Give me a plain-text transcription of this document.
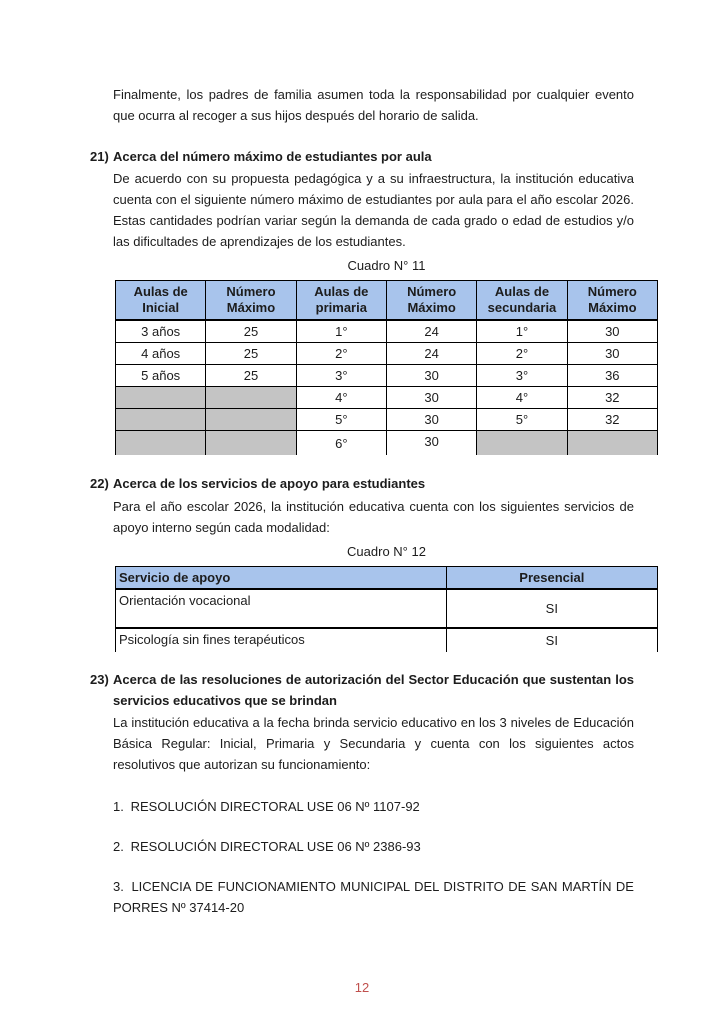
Finalmente, los padres de familia asumen toda la responsabilidad por cualquier evento que ocurra al recoger a sus hijos después del horario de salida.

21) Acerca del número máximo de estudiantes por aula

De acuerdo con su propuesta pedagógica y a su infraestructura, la institución educativa cuenta con el siguiente número máximo de estudiantes por aula para el año escolar 2026. Estas cantidades podrían variar según la demanda de cada grado o edad de estudios y/o las dificultades de aprendizajes de los estudiantes.

Cuadro N° 11
Aulas de Inicial	Número Máximo	Aulas de primaria	Número Máximo	Aulas de secundaria	Número Máximo
3 años	25	1°	24	1°	30
4 años	25	2°	24	2°	30
5 años	25	3°	30	3°	36
		4°	30	4°	32
		5°	30	5°	32
		6°	30		
22) Acerca de los servicios de apoyo para estudiantes

Para el año escolar 2026, la institución educativa cuenta con los siguientes servicios de apoyo interno según cada modalidad:

Cuadro N° 12
Servicio de apoyo	Presencial
Orientación vocacional	SI
Psicología sin fines terapéuticos	SI
23) Acerca de las resoluciones de autorización del Sector Educación que sustentan los servicios educativos que se brindan

La institución educativa a la fecha brinda servicio educativo en los 3 niveles de Educación Básica Regular: Inicial, Primaria y Secundaria y cuenta con los siguientes actos resolutivos que autorizan su funcionamiento:

1. RESOLUCIÓN DIRECTORAL USE 06 Nº 1107-92

2. RESOLUCIÓN DIRECTORAL USE 06 Nº 2386-93

3. LICENCIA DE FUNCIONAMIENTO MUNICIPAL DEL DISTRITO DE SAN MARTÍN DE PORRES Nº 37414-20

12
